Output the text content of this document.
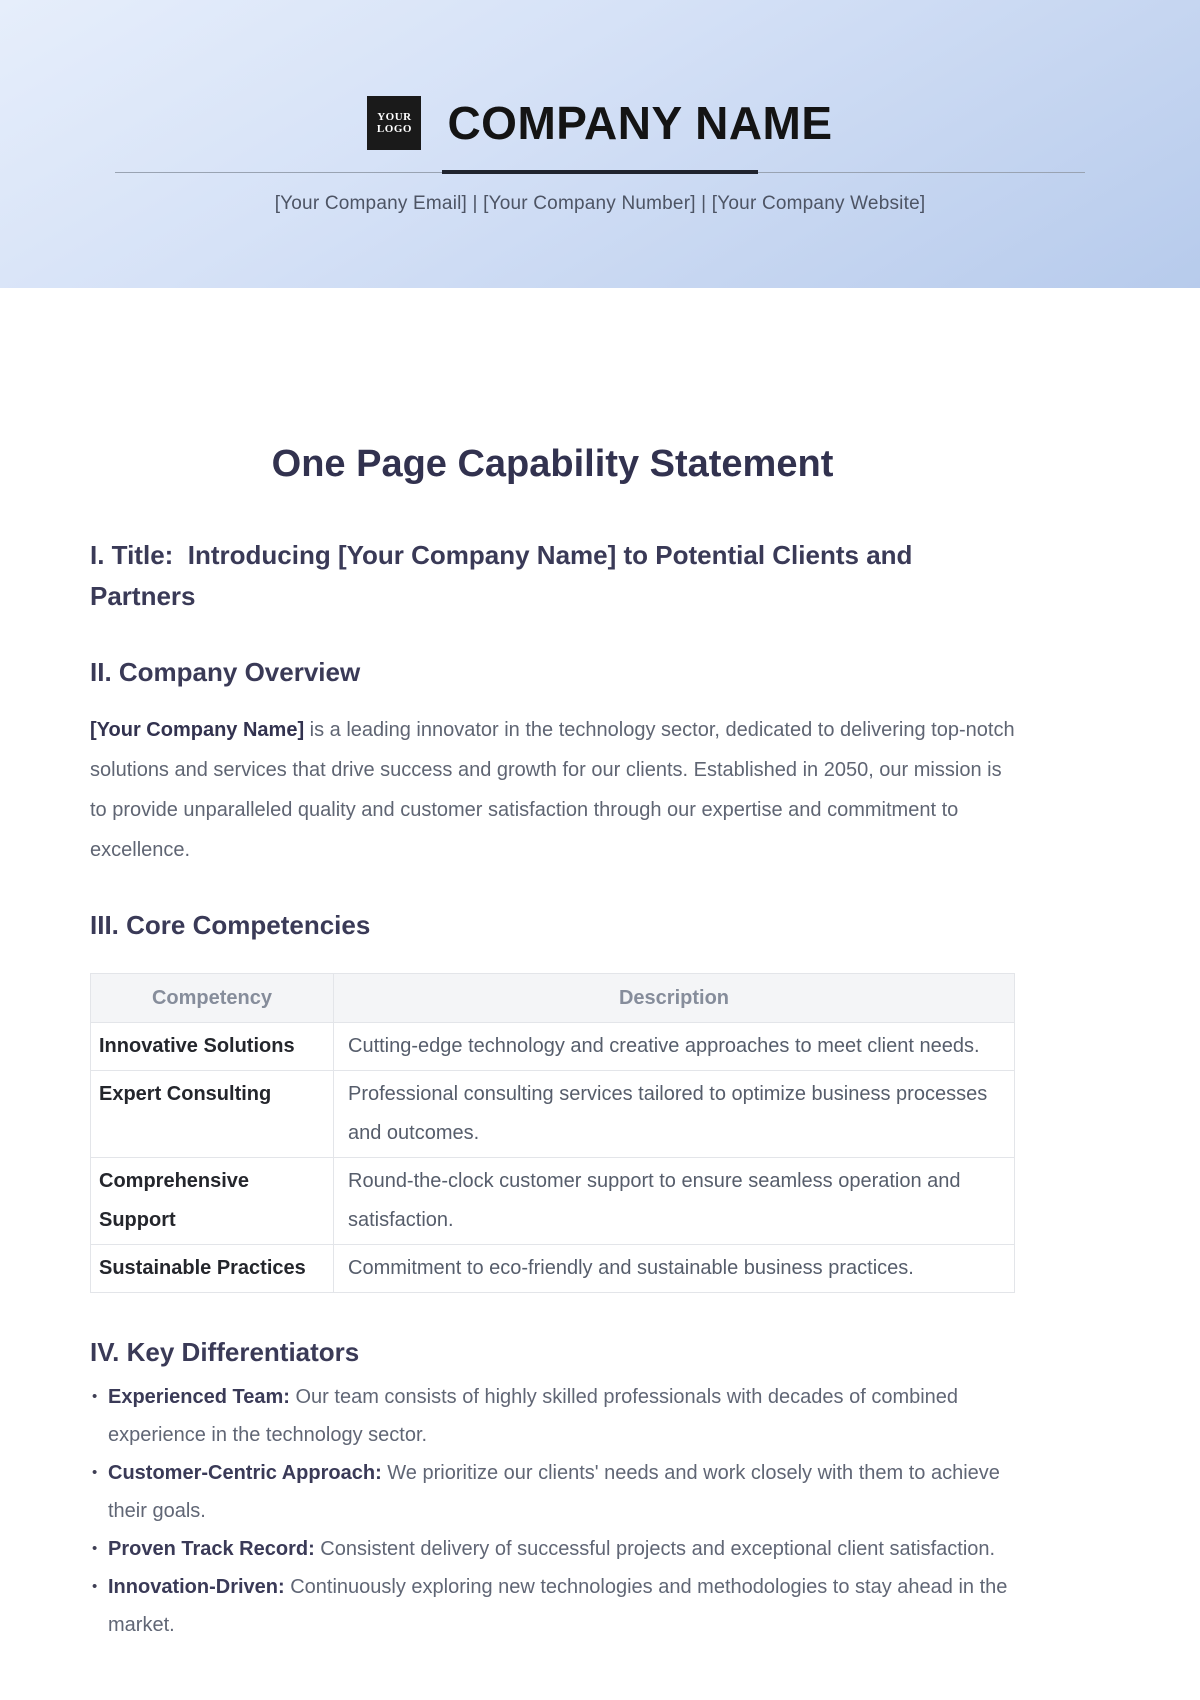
YOUR
LOGO COMPANY NAME
[Your Company Email] | [Your Company Number] | [Your Company Website]
One Page Capability Statement
I. Title:  Introducing [Your Company Name] to Potential Clients and Partners
II. Company Overview

[Your Company Name] is a leading innovator in the technology sector, dedicated to delivering top-notch solutions and services that drive success and growth for our clients. Established in 2050, our mission is to provide unparalleled quality and customer satisfaction through our expertise and commitment to excellence.

III. Core Competencies
Competency	Description
Innovative Solutions	Cutting-edge technology and creative approaches to meet client needs.
Expert Consulting	Professional consulting services tailored to optimize business processes and outcomes.
Comprehensive Support	Round-the-clock customer support to ensure seamless operation and satisfaction.
Sustainable Practices	Commitment to eco-friendly and sustainable business practices.
IV. Key Differentiators
• Experienced Team: Our team consists of highly skilled professionals with decades of combined experience in the technology sector.
• Customer-Centric Approach: We prioritize our clients' needs and work closely with them to achieve their goals.
• Proven Track Record: Consistent delivery of successful projects and exceptional client satisfaction.
• Innovation-Driven: Continuously exploring new technologies and methodologies to stay ahead in the market.
